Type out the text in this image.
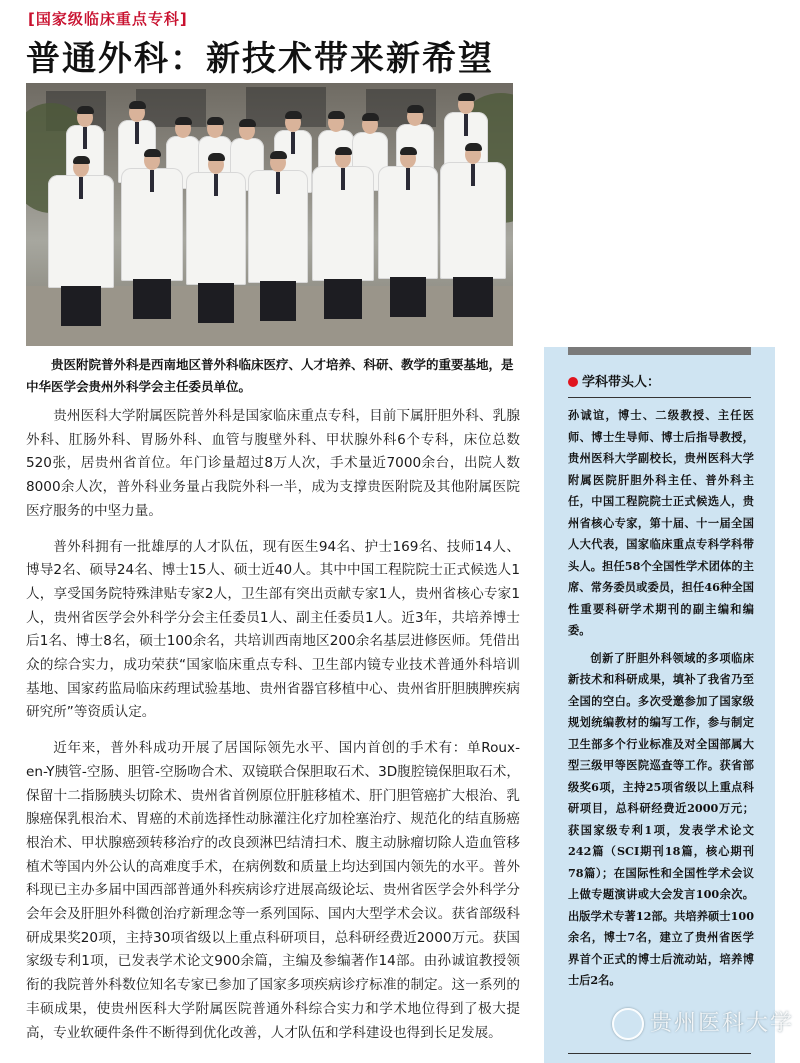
[国家级临床重点专科]
普通外科：新技术带来新希望
贵医附院普外科是西南地区普外科临床医疗、人才培养、科研、教学的重要基地，是中华医学会贵州外科学会主任委员单位。

贵州医科大学附属医院普外科是国家临床重点专科，目前下属肝胆外科、乳腺外科、肛肠外科、胃肠外科、血管与腹壁外科、甲状腺外科6个专科，床位总数520张，居贵州省首位。年门诊量超过8万人次，手术量近7000余台，出院人数8000余人次，普外科业务量占我院外科一半，成为支撑贵医附院及其他附属医院医疗服务的中坚力量。

普外科拥有一批雄厚的人才队伍，现有医生94名、护士169名、技师14人、博导2名、硕导24名、博士15人、硕士近40人。其中中国工程院院士正式候选人1人，享受国务院特殊津贴专家2人，卫生部有突出贡献专家1人，贵州省核心专家1人，贵州省医学会外科学分会主任委员1人、副主任委员1人。近3年，共培养博士后1名、博士8名，硕士100余名，共培训西南地区200余名基层进修医师。凭借出众的综合实力，成功荣获“国家临床重点专科、卫生部内镜专业技术普通外科培训基地、国家药监局临床药理试验基地、贵州省器官移植中心、贵州省肝胆胰脾疾病研究所”等资质认定。

近年来，普外科成功开展了居国际领先水平、国内首创的手术有：单Roux-en-Y胰管-空肠、胆管-空肠吻合术、双镜联合保胆取石术、3D腹腔镜保胆取石术，保留十二指肠胰头切除术、贵州省首例原位肝脏移植术、肝门胆管癌扩大根治、乳腺癌保乳根治术、胃癌的术前选择性动脉灌注化疗加栓塞治疗、规范化的结直肠癌根治术、甲状腺癌颈转移治疗的改良颈淋巴结清扫术、腹主动脉瘤切除人造血管移植术等国内外公认的高难度手术，在病例数和质量上均达到国内领先的水平。普外科现已主办多届中国西部普通外科疾病诊疗进展高级论坛、贵州省医学会外科学分会年会及肝胆外科微创治疗新理念等一系列国际、国内大型学术会议。获省部级科研成果奖20项，主持30项省级以上重点科研项目，总科研经费近2000万元。获国家级专利1项，已发表学术论文900余篇，主编及参编著作14部。由孙诚谊教授领衔的我院普外科数位知名专家已参加了国家多项疾病诊疗标准的制定。这一系列的丰硕成果，使贵州医科大学附属医院普通外科综合实力和学术地位得到了极大提高，专业软硬件条件不断得到优化改善，人才队伍和学科建设也得到长足发展。

学科带头人：

孙诚谊，博士、二级教授、主任医师、博士生导师、博士后指导教授，贵州医科大学副校长，贵州医科大学附属医院肝胆外科主任、普外科主任，中国工程院院士正式候选人，贵州省核心专家，第十届、十一届全国人大代表，国家临床重点专科学科带头人。担任58个全国性学术团体的主席、常务委员或委员，担任46种全国性重要科研学术期刊的副主编和编委。

创新了肝胆外科领域的多项临床新技术和科研成果，填补了我省乃至全国的空白。多次受邀参加了国家级规划统编教材的编写工作，参与制定卫生部多个行业标准及对全国部属大型三级甲等医院巡查等工作。获省部级奖6项，主持25项省级以上重点科研项目，总科研经费近2000万元；获国家级专利1项，发表学术论文242篇（SCI期刊18篇，核心期刊78篇）；在国际性和全国性学术会议上做专题演讲或大会发言100余次。出版学术专著12部。共培养硕士100余名，博士7名，建立了贵州省医学界首个正式的博士后流动站，培养博士后2名。

贵州医科大学
